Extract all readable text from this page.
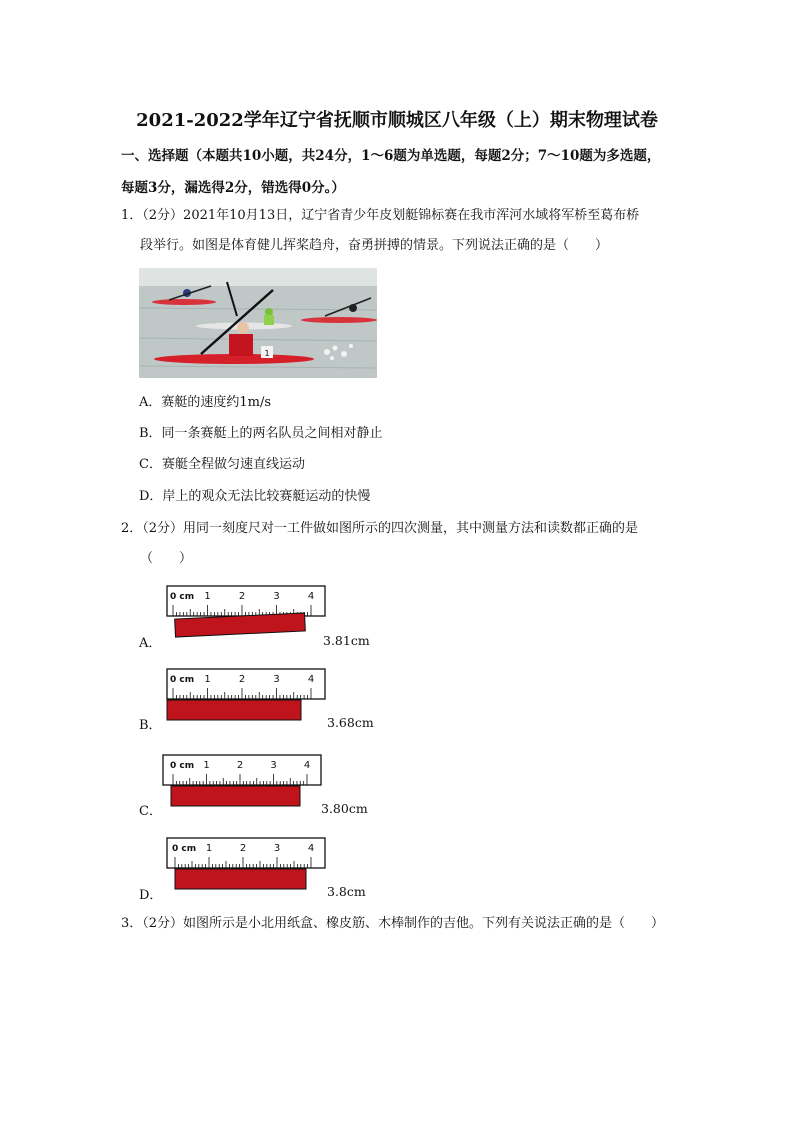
2021-2022学年辽宁省抚顺市顺城区八年级（上）期末物理试卷
一、选择题（本题共10小题，共24分，1～6题为单选题，每题2分；7～10题为多选题，
每题3分，漏选得2分，错选得0分。）
1．（2分）2021年10月13日，辽宁省青少年皮划艇锦标赛在我市浑河水域将军桥至葛布桥
段举行。如图是体育健儿挥桨趋舟，奋勇拼搏的情景。下列说法正确的是（　　）
1
A．赛艇的速度约1m/s
B．同一条赛艇上的两名队员之间相对静止
C．赛艇全程做匀速直线运动
D．岸上的观众无法比较赛艇运动的快慢
2．（2分）用同一刻度尺对一工件做如图所示的四次测量，其中测量方法和读数都正确的是
（　　）
A．
0 cm 1	2	3	4
3.81cm
B．
0 cm 1	2	3	4
3.68cm
C．
0 cm 1	2	3	4
3.80cm
D．
0 cm 1	2	3	4
3.8cm
3．（2分）如图所示是小北用纸盒、橡皮筋、木棒制作的吉他。下列有关说法正确的是（　　）
